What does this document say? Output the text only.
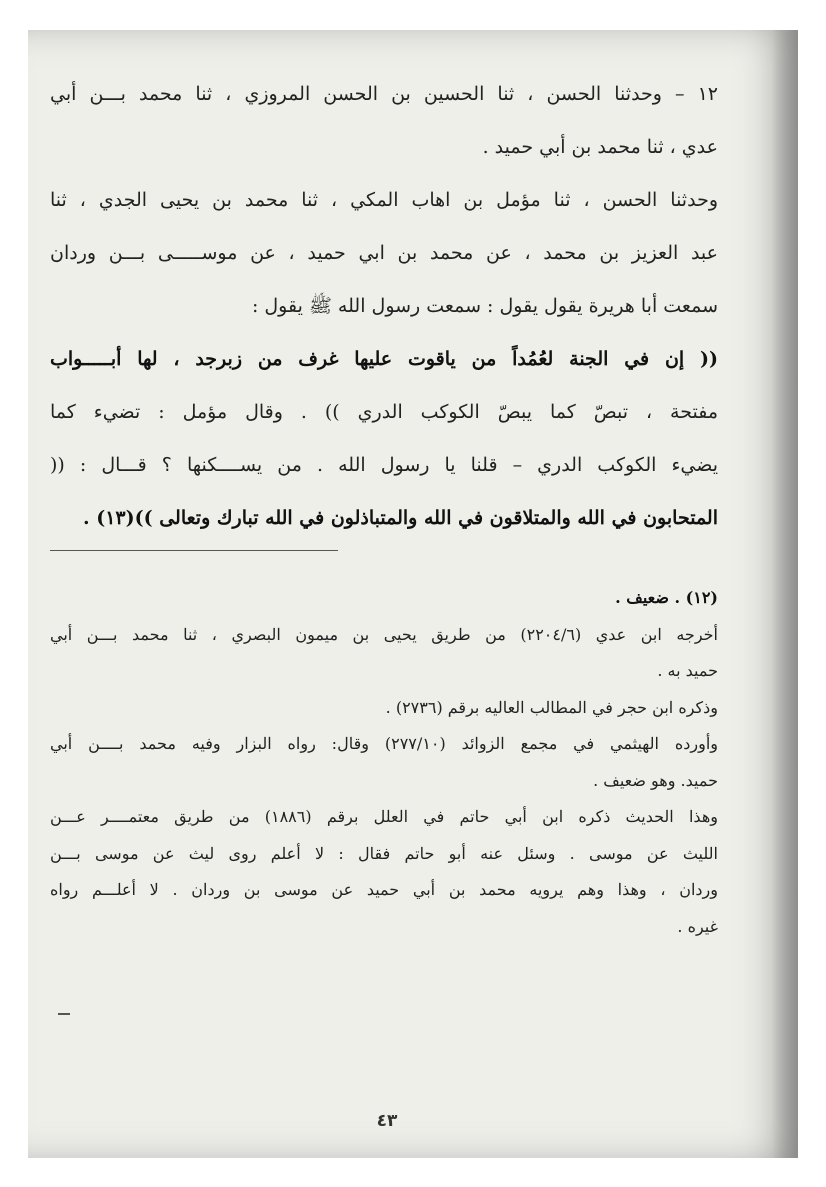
١٢ – وحدثنا الحسن ، ثنا الحسين بن الحسن المروزي ، ثنا محمد بـــن أبي
عدي ، ثنا محمد بن أبي حميد .
وحدثنا الحسن ، ثنا مؤمل بن اهاب المكي ، ثنا محمد بن يحيى الجدي ، ثنا
عبد العزيز بن محمد ، عن محمد بن ابي حميد ، عن موســـــى بـــن وردان
سمعت أبا هريرة يقول يقول : سمعت رسول الله ﷺ يقول :
(( إن في الجنة لعُمُداً من ياقوت عليها غرف من زبرجد ، لها أبـــــواب
مفتحة ، تبصّ كما يبصّ الكوكب الدري )) . وقال مؤمل : تضيء كما
يضيء الكوكب الدري – قلنا يا رسول الله . من يســــكنها ؟ قـــال : ((
المتحابون في الله والمتلاقون في الله والمتباذلون في الله تبارك وتعالى ))(١٣) .
(١٢) . ضعيف .
أخرجه ابن عدي (٢٢٠٤/٦) من طريق يحيى بن ميمون البصري ، ثنا محمد بـــن أبي
حميد به .
وذكره ابن حجر في المطالب العاليه برقم (٢٧٣٦) .
وأورده الهيثمي في مجمع الزوائد (٢٧٧/١٠) وقال: رواه البزار وفيه محمد بــــن أبي
حميد. وهو ضعيف .
وهذا الحديث ذكره ابن أبي حاتم في العلل برقم (١٨٨٦) من طريق معتمــــر عـــن
الليث عن موسى . وسئل عنه أبو حاتم فقال : لا أعلم روى ليث عن موسى بـــن
وردان ، وهذا وهم يرويه محمد بن أبي حميد عن موسى بن وردان . لا أعلـــم رواه
غيره .
٤٣
